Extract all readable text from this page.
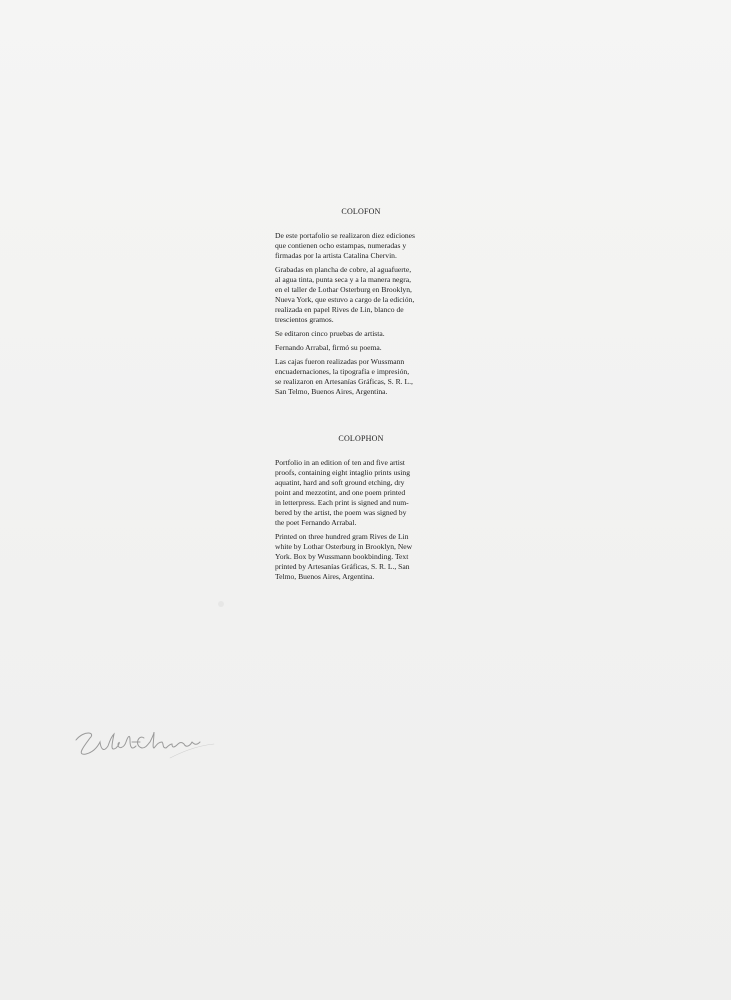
COLOFON

De este portafolio se realizaron diez ediciones
que contienen ocho estampas, numeradas y
firmadas por la artista Catalina Chervin.

Grabadas en plancha de cobre, al aguafuerte,
al agua tinta, punta seca y a la manera negra,
en el taller de Lothar Osterburg en Brooklyn,
Nueva York, que estuvo a cargo de la edición,
realizada en papel Rives de Lin, blanco de
trescientos gramos.

Se editaron cinco pruebas de artista.

Fernando Arrabal, firmó su poema.

Las cajas fueron realizadas por Wussmann
encuadernaciones, la tipografía e impresión,
se realizaron en Artesanías Gráficas, S. R. L.,
San Telmo, Buenos Aires, Argentina.

COLOPHON

Portfolio in an edition of ten and five artist
proofs, containing eight intaglio prints using
aquatint, hard and soft ground etching, dry
point and mezzotint, and one poem printed
in letterpress. Each print is signed and num-
bered by the artist, the poem was signed by
the poet Fernando Arrabal.

Printed on three hundred gram Rives de Lin
white by Lothar Osterburg in Brooklyn, New
York. Box by Wussmann bookbinding. Text
printed by Artesanías Gráficas, S. R. L., San
Telmo, Buenos Aires, Argentina.
